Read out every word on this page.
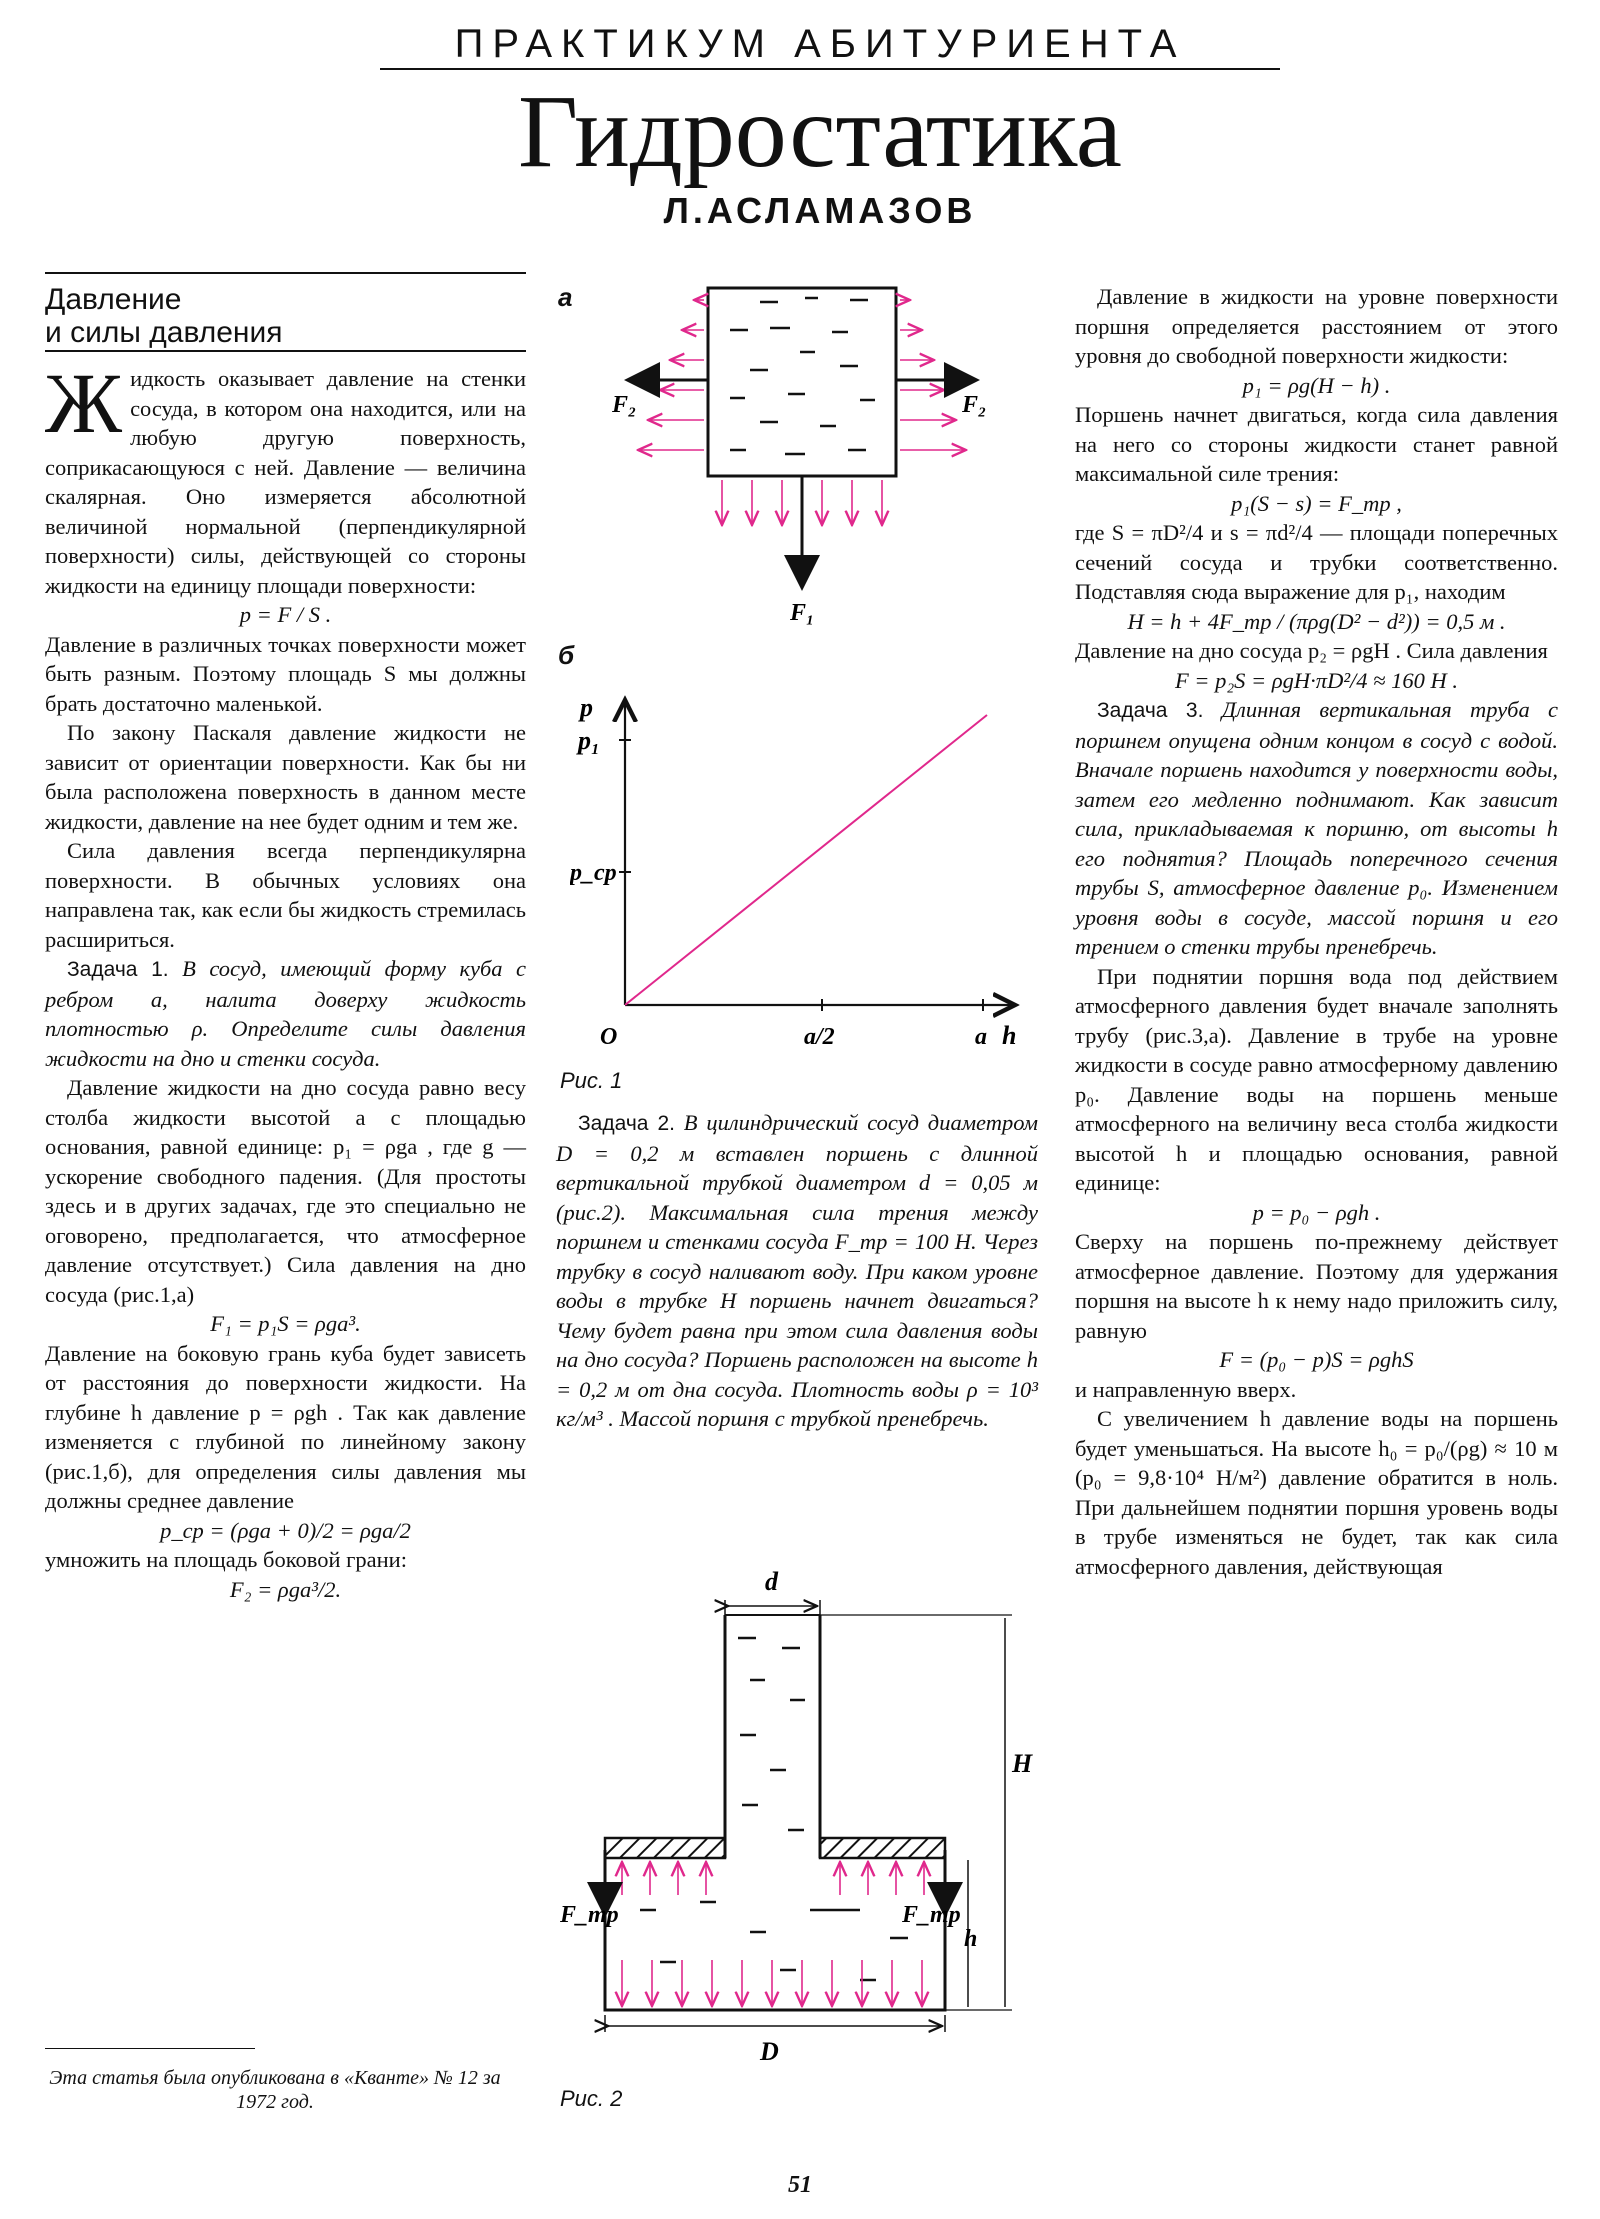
ПРАКТИКУМ АБИТУРИЕНТА
Гидростатика
Л.АСЛАМАЗОВ
Давление
и силы давления

Жидкость оказывает давление на стенки сосуда, в котором она находится, или на любую другую поверхность, соприкасающуюся с ней. Давление — величина скалярная. Оно измеряется абсолютной величиной нормальной (перпендикулярной поверхности) силы, действующей со стороны жидкости на единицу площади поверхности:

p = F / S .

Давление в различных точках поверхности может быть разным. Поэтому площадь S мы должны брать достаточно маленькой.

По закону Паскаля давление жидкости не зависит от ориентации поверхности. Как бы ни была расположена поверхность в данном месте жидкости, давление на нее будет одним и тем же.

Сила давления всегда перпендикулярна поверхности. В обычных условиях она направлена так, как если бы жидкость стремилась расшириться.

Задача 1. В сосуд, имеющий форму куба с ребром a, налита доверху жидкость плотностью ρ. Определите силы давления жидкости на дно и стенки сосуда.

Давление жидкости на дно сосуда равно весу столба жидкости высотой a с площадью основания, равной единице: p₁ = ρga , где g — ускорение свободного падения. (Для простоты здесь и в других задачах, где это специально не оговорено, предполагается, что атмосферное давление отсутствует.) Сила давления на дно сосуда (рис.1,a)

F₁ = p₁S = ρga³.

Давление на боковую грань куба будет зависеть от расстояния до поверхности жидкости. На глубине h давление p = ρgh . Так как давление изменяется с глубиной по линейному закону (рис.1,б), для определения силы давления мы должны среднее давление

p_ср = (ρga + 0)/2 = ρga/2

умножить на площадь боковой грани:

F₂ = ρga³/2.

Эта статья была опубликована в «Кванте» № 12 за 1972 год.
а
F₂	F₂
F₁
б
p
p₁
p_ср
O	a/2	a h
Рис. 1

Задача 2. В цилиндрический сосуд диаметром D = 0,2 м вставлен поршень с длинной вертикальной трубкой диаметром d = 0,05 м (рис.2). Максимальная сила трения между поршнем и стенками сосуда F_тр = 100 Н. Через трубку в сосуд наливают воду. При каком уровне воды в трубке H поршень начнет двигаться? Чему будет равна при этом сила давления воды на дно сосуда? Поршень расположен на высоте h = 0,2 м от дна сосуда. Плотность воды ρ = 10³ кг/м³ . Массой поршня с трубкой пренебречь.

F_тр	F_тр
d
H
h
D
Рис. 2

Давление в жидкости на уровне поверхности поршня определяется расстоянием от этого уровня до свободной поверхности жидкости:

p₁ = ρg(H − h) .

Поршень начнет двигаться, когда сила давления на него со стороны жидкости станет равной максимальной силе трения:

p₁(S − s) = F_тр ,

где S = πD²/4 и s = πd²/4 — площади поперечных сечений сосуда и трубки соответственно. Подставляя сюда выражение для p₁, находим

H = h + 4F_тр / (πρg(D² − d²)) = 0,5 м .

Давление на дно сосуда p₂ = ρgH . Сила давления

F = p₂S = ρgH·πD²/4 ≈ 160 Н .

Задача 3. Длинная вертикальная труба с поршнем опущена одним концом в сосуд с водой. Вначале поршень находится у поверхности воды, затем его медленно поднимают. Как зависит сила, прикладываемая к поршню, от высоты h его поднятия? Площадь поперечного сечения трубы S, атмосферное давление p₀. Изменением уровня воды в сосуде, массой поршня и его трением о стенки трубы пренебречь.

При поднятии поршня вода под действием атмосферного давления будет вначале заполнять трубу (рис.3,а). Давление в трубе на уровне жидкости в сосуде равно атмосферному давлению p₀. Давление воды на поршень меньше атмосферного на величину веса столба жидкости высотой h и площадью основания, равной единице:

p = p₀ − ρgh .

Сверху на поршень по-прежнему действует атмосферное давление. Поэтому для удержания поршня на высоте h к нему надо приложить силу, равную

F = (p₀ − p)S = ρghS

и направленную вверх.

С увеличением h давление воды на поршень будет уменьшаться. На высоте h₀ = p₀/(ρg) ≈ 10 м (p₀ = 9,8·10⁴ Н/м²) давление обратится в ноль. При дальнейшем поднятии поршня уровень воды в трубе изменяться не будет, так как сила атмосферного давления, действующая

51
